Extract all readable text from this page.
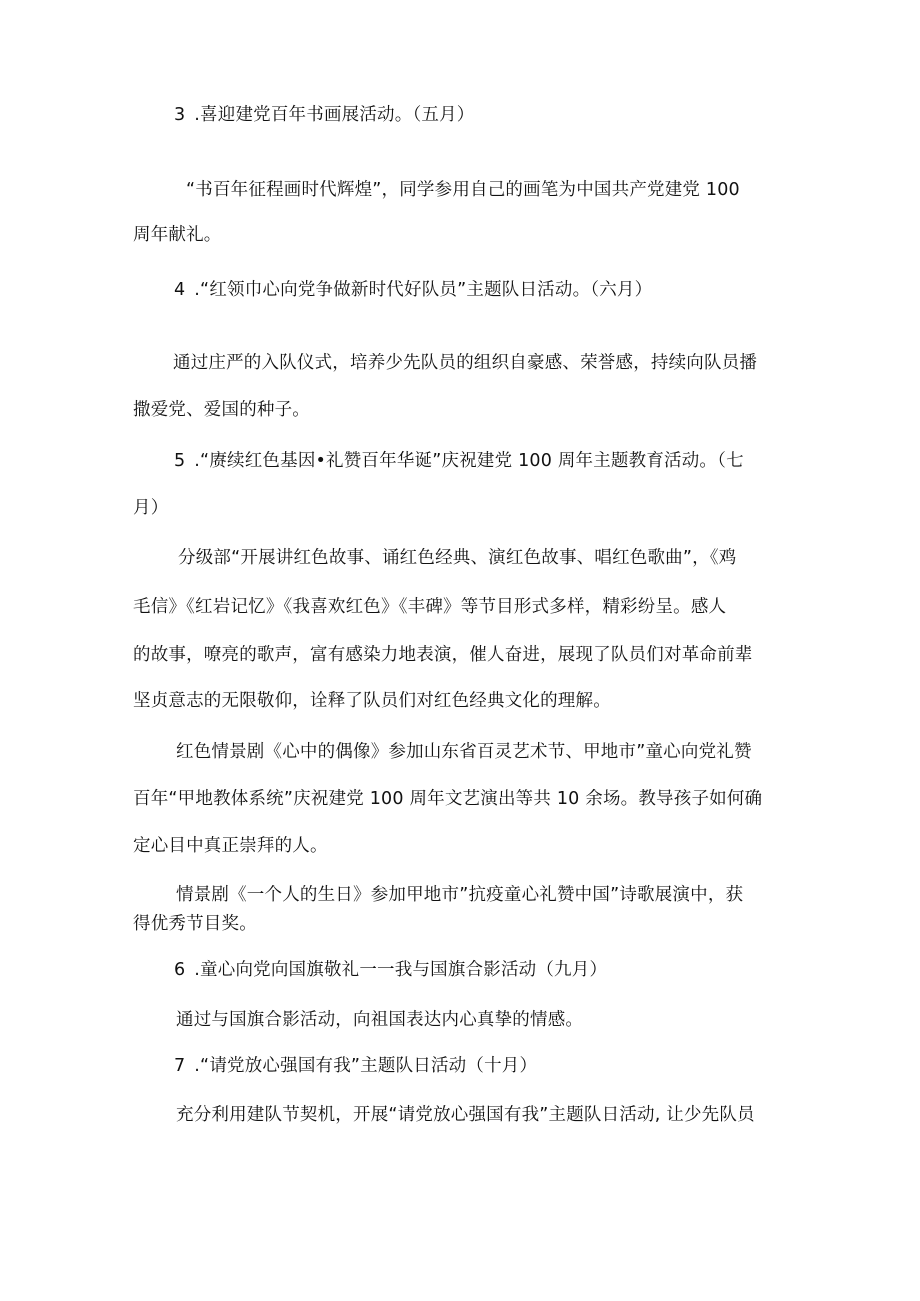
3 .喜迎建党百年书画展活动。（五月）
“书百年征程画时代辉煌”，同学参用自己的画笔为中国共产党建党 100
周年献礼。
4 .“红领巾心向党争做新时代好队员”主题队日活动。（六月）
通过庄严的入队仪式，培养少先队员的组织自豪感、荣誉感，持续向队员播
撒爱党、爱国的种子。
5 .“赓续红色基因•礼赞百年华诞”庆祝建党 100 周年主题教育活动。（七
月）
分级部“开展讲红色故事、诵红色经典、演红色故事、唱红色歌曲”，《鸡
毛信》《红岩记忆》《我喜欢红色》《丰碑》等节目形式多样，精彩纷呈。感人
的故事，嘹亮的歌声，富有感染力地表演，催人奋进，展现了队员们对革命前辈
坚贞意志的无限敬仰，诠释了队员们对红色经典文化的理解。
红色情景剧《心中的偶像》参加山东省百灵艺术节、甲地市”童心向党礼赞
百年“甲地教体系统”庆祝建党 100 周年文艺演出等共 10 余场。教导孩子如何确
定心目中真正崇拜的人。
情景剧《一个人的生日》参加甲地市”抗疫童心礼赞中国”诗歌展演中，获
得优秀节目奖。
6 .童心向党向国旗敬礼一一我与国旗合影活动（九月）
通过与国旗合影活动，向祖国表达内心真挚的情感。
7 .“请党放心强国有我”主题队日活动（十月）
充分利用建队节契机，开展“请党放心强国有我”主题队日活动, 让少先队员
